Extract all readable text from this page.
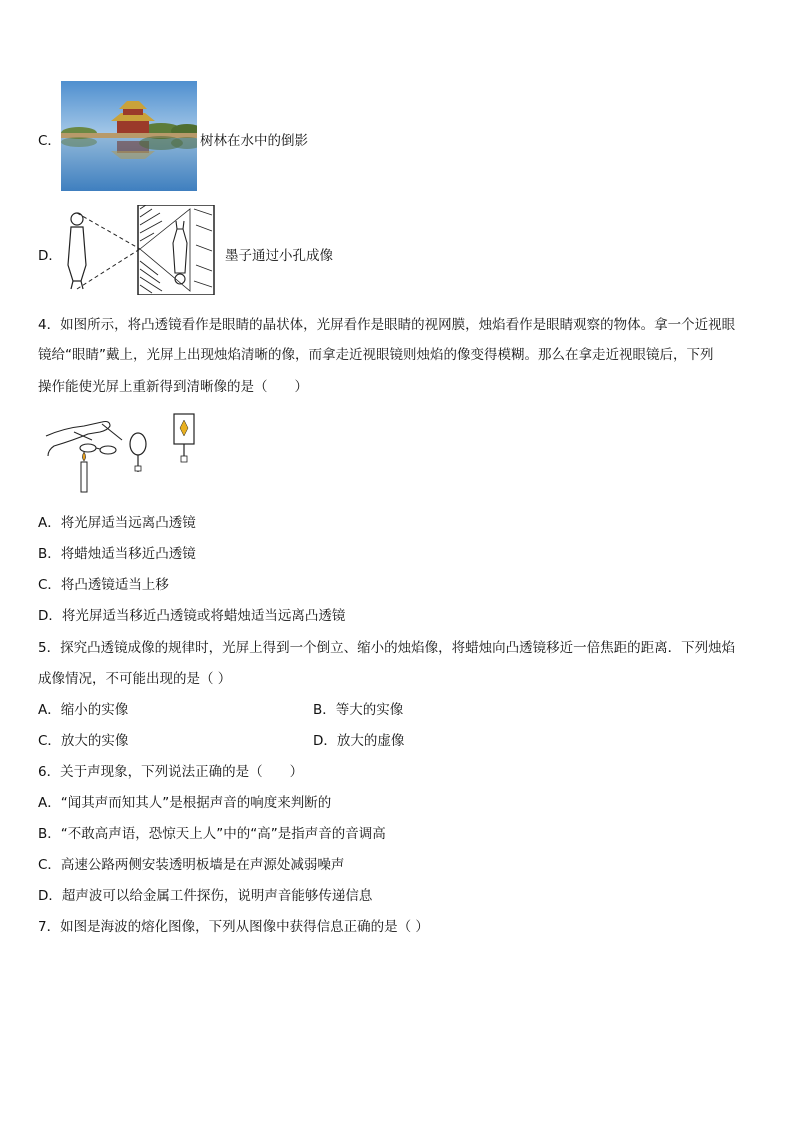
C．	树林在水中的倒影
D．	墨子通过小孔成像
4．如图所示，将凸透镜看作是眼睛的晶状体，光屏看作是眼睛的视网膜，烛焰看作是眼睛观察的物体。拿一个近视眼
镜给“眼睛”戴上，光屏上出现烛焰清晰的像，而拿走近视眼镜则烛焰的像变得模糊。那么在拿走近视眼镜后，下列
操作能使光屏上重新得到清晰像的是（　　）
A．将光屏适当远离凸透镜
B．将蜡烛适当移近凸透镜
C．将凸透镜适当上移
D．将光屏适当移近凸透镜或将蜡烛适当远离凸透镜
5．探究凸透镜成像的规律时，光屏上得到一个倒立、缩小的烛焰像，将蜡烛向凸透镜移近一倍焦距的距离．下列烛焰
成像情况，不可能出现的是（ ）
A．缩小的实像	B．等大的实像
C．放大的实像	D．放大的虚像
6．关于声现象，下列说法正确的是（　　）
A．“闻其声而知其人”是根据声音的响度来判断的
B．“不敢高声语，恐惊天上人”中的“高”是指声音的音调高
C．高速公路两侧安装透明板墙是在声源处减弱噪声
D．超声波可以给金属工件探伤，说明声音能够传递信息
7．如图是海波的熔化图像，下列从图像中获得信息正确的是（ ）
